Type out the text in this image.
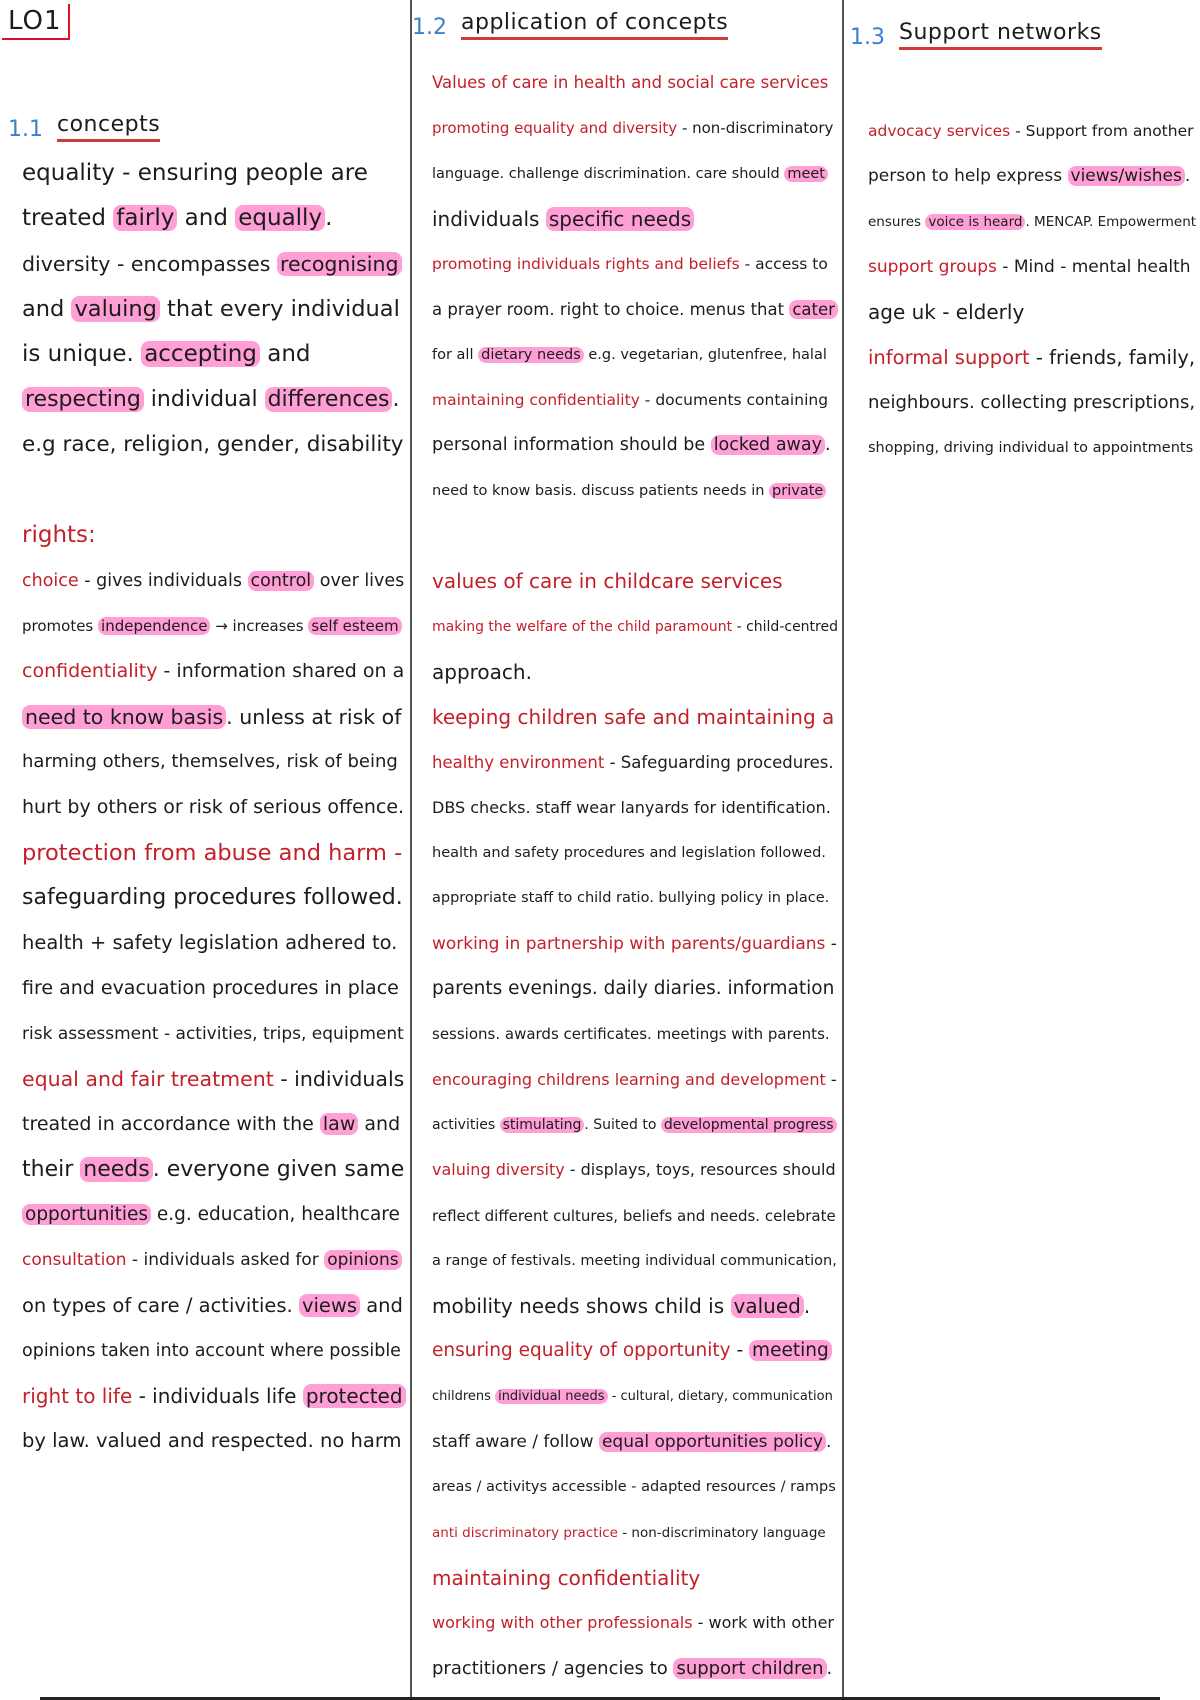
LO1
1.1 concepts
equality - ensuring people are
treated fairly and equally .
diversity - encompasses recognising
and valuing that every individual
is unique. accepting and
respecting individual differences .
e.g race, religion, gender, disability
rights:
choice - gives individuals control over lives
promotes independence → increases self esteem
confidentiality - information shared on a
need to know basis . unless at risk of
harming others, themselves, risk of being
hurt by others or risk of serious offence.
protection from abuse and harm -
safeguarding procedures followed.
health + safety legislation adhered to.
fire and evacuation procedures in place
risk assessment - activities, trips, equipment
equal and fair treatment - individuals
treated in accordance with the law and
their needs . everyone given same
opportunities e.g. education, healthcare
consultation - individuals asked for opinions
on types of care / activities. views and
opinions taken into account where possible
right to life - individuals life protected
by law. valued and respected. no harm
1.2 application of concepts
Values of care in health and social care services
promoting equality and diversity - non-discriminatory
language. challenge discrimination. care should meet
individuals specific needs
promoting individuals rights and beliefs - access to
a prayer room. right to choice. menus that cater
for all dietary needs e.g. vegetarian, glutenfree, halal
maintaining confidentiality - documents containing
personal information should be locked away .
need to know basis. discuss patients needs in private
values of care in childcare services
making the welfare of the child paramount - child-centred
approach.
keeping children safe and maintaining a
healthy environment - Safeguarding procedures.
DBS checks. staff wear lanyards for identification.
health and safety procedures and legislation followed.
appropriate staff to child ratio. bullying policy in place.
working in partnership with parents/guardians -
parents evenings. daily diaries. information
sessions. awards certificates. meetings with parents.
encouraging childrens learning and development -
activities stimulating . Suited to developmental progress
valuing diversity - displays, toys, resources should
reflect different cultures, beliefs and needs. celebrate
a range of festivals. meeting individual communication,
mobility needs shows child is valued .
ensuring equality of opportunity - meeting
childrens individual needs - cultural, dietary, communication
staff aware / follow equal opportunities policy .
areas / activitys accessible - adapted resources / ramps
anti discriminatory practice - non-discriminatory language
maintaining confidentiality
working with other professionals - work with other
practitioners / agencies to support children .
1.3 Support networks
advocacy services - Support from another
person to help express views/wishes .
ensures voice is heard . MENCAP. Empowerment
support groups - Mind - mental health
age uk - elderly
informal support - friends, family,
neighbours. collecting prescriptions,
shopping, driving individual to appointments
